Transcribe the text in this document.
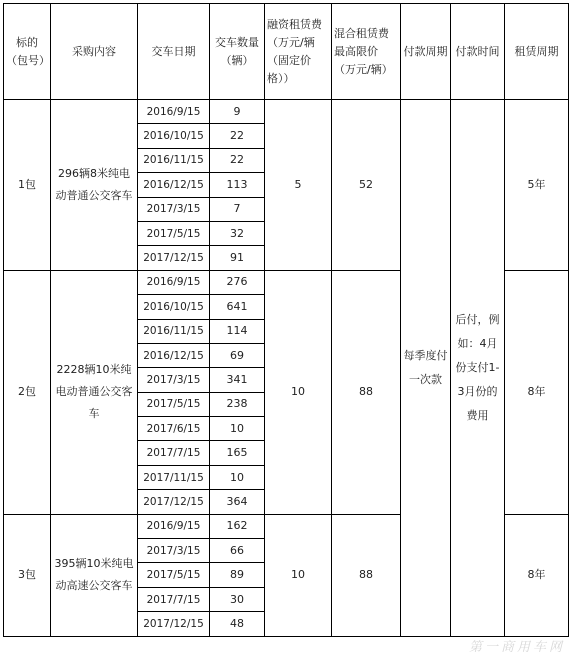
标的（包号）	采购内容	交车日期	交车数量（辆）	融资租赁费（万元/辆（固定价格））	混合租赁费最高限价（万元/辆）	付款周期	付款时间	租赁周期
1包	296辆8米纯电动普通公交客车	2016/9/15	9	5	52	每季度付一次款	后付，例如：4月份支付1-3月份的费用	5年
		2016/10/15	22					
		2016/11/15	22					
		2016/12/15	113					
		2017/3/15	7					
		2017/5/15	32					
		2017/12/15	91					
2包	2228辆10米纯电动普通公交客车	2016/9/15	276	10	88			8年
		2016/10/15	641					
		2016/11/15	114					
		2016/12/15	69					
		2017/3/15	341					
		2017/5/15	238					
		2017/6/15	10					
		2017/7/15	165					
		2017/11/15	10					
		2017/12/15	364					
3包	395辆10米纯电动高速公交客车	2016/9/15	162	10	88			8年
		2017/3/15	66					
		2017/5/15	89					
		2017/7/15	30					
		2017/12/15	48					
第一商用车网
